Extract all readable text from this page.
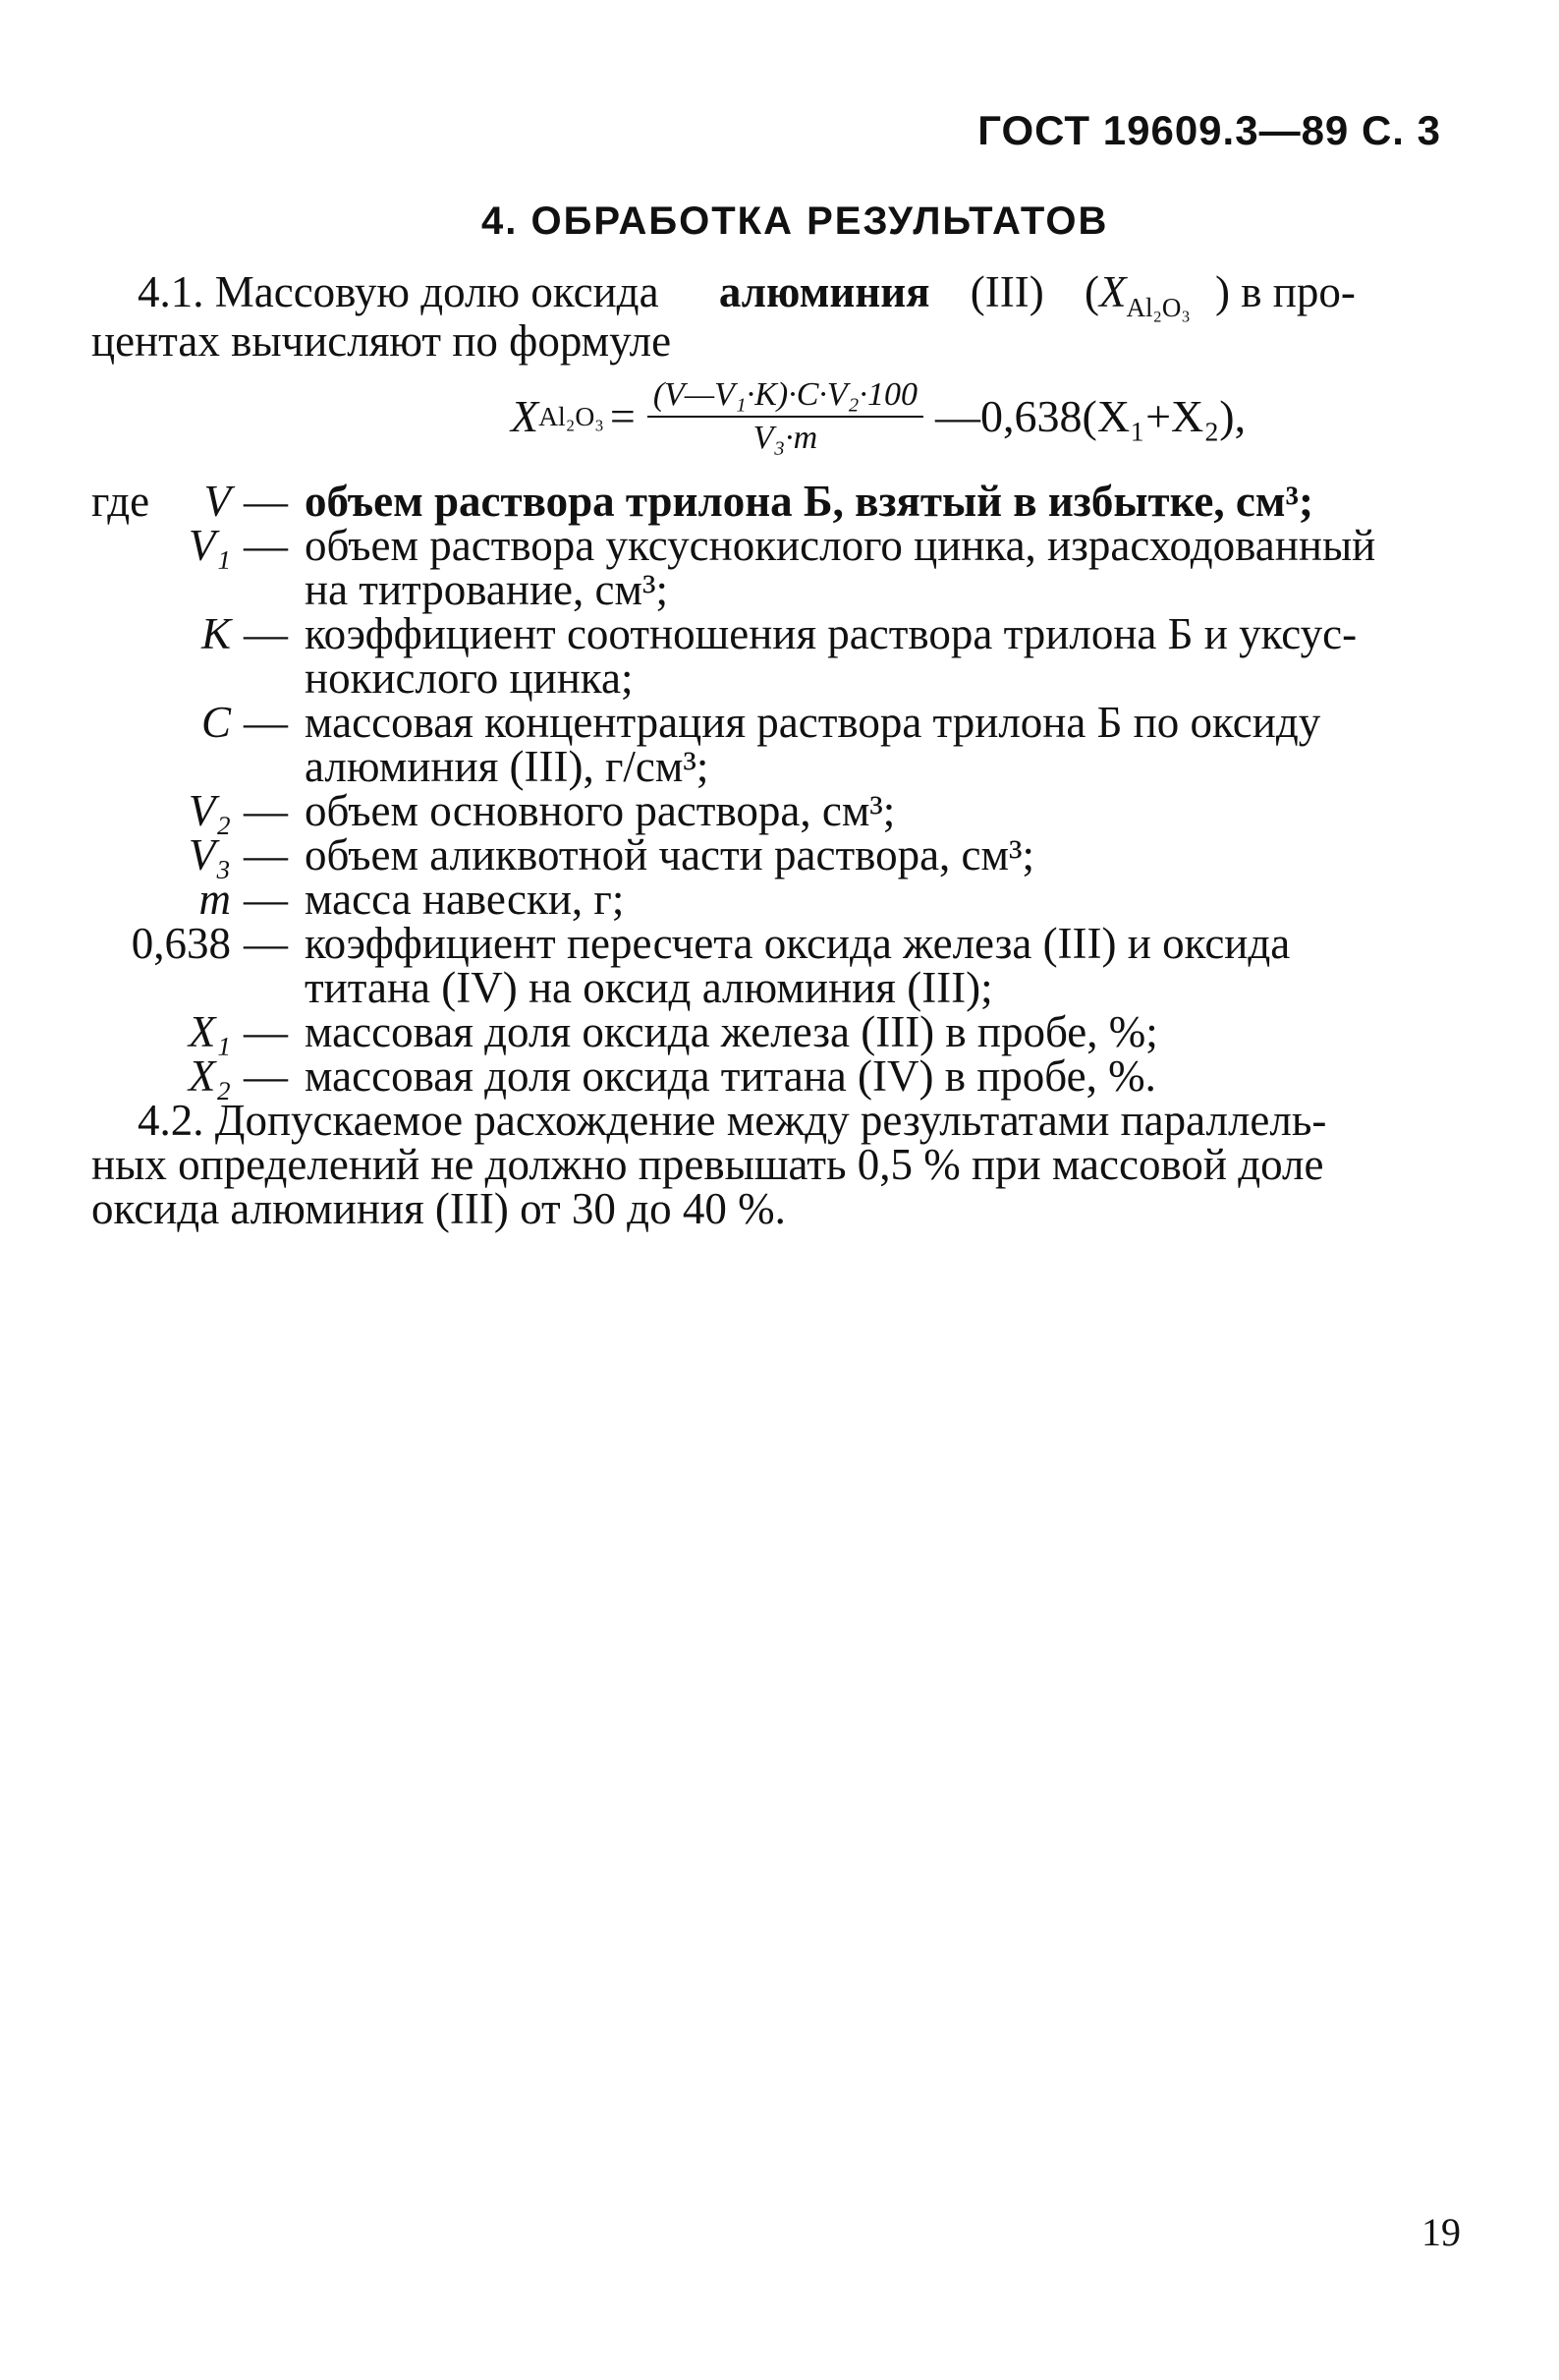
ГОСТ 19609.3—89 С. 3
4. ОБРАБОТКА РЕЗУЛЬТАТОВ
4.1. Массовую долю оксида алюминия (III) ($X_{Al_2O_3}$ ) в про-
центах вычисляют по формуле
X $Al_2O_3 = \frac{\text{(V—V₁·K)·C·V₂·100}}{\text{V₃·m}}$ —0,638(X₁+X₂),
где	V — объем раствора трилона Б, взятый в избытке, см³;
V₁ — объем раствора уксуснокислого цинка, израсходованный
на титрование, см³;
K — коэффициент соотношения раствора трилона Б и уксус-
нокислого цинка;
C — массовая концентрация раствора трилона Б по оксиду
алюминия (III), г/см³;
V₂ — объем основного раствора, см³;
V₃ — объем аликвотной части раствора, см³;
m — масса навески, г;
0,638 — коэффициент пересчета оксида железа (III) и оксида
титана (IV) на оксид алюминия (III);
X₁ — массовая доля оксида железа (III) в пробе, %;
X₂ — массовая доля оксида титана (IV) в пробе, %.
4.2. Допускаемое расхождение между результатами параллель-
ных определений не должно превышать 0,5 % при массовой доле
оксида алюминия (III) от 30 до 40 %.
19
